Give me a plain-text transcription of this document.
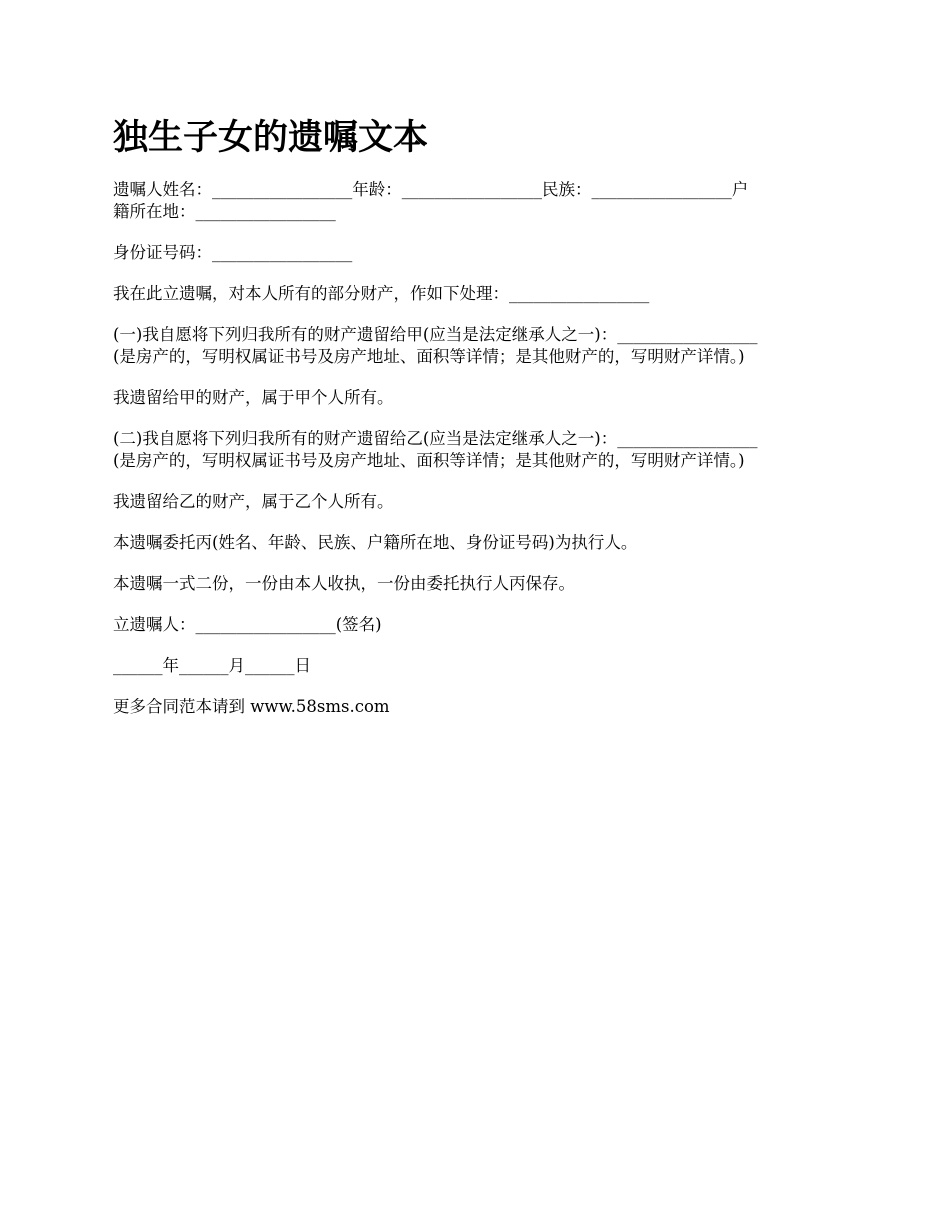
独生子女的遗嘱文本

遗嘱人姓名：_________________年龄：_________________民族：_________________户
籍所在地：_________________

身份证号码：_________________

我在此立遗嘱，对本人所有的部分财产，作如下处理：_________________

(一)我自愿将下列归我所有的财产遗留给甲(应当是法定继承人之一)：_________________
(是房产的，写明权属证书号及房产地址、面积等详情；是其他财产的，写明财产详情。)

我遗留给甲的财产，属于甲个人所有。

(二)我自愿将下列归我所有的财产遗留给乙(应当是法定继承人之一)：_________________
(是房产的，写明权属证书号及房产地址、面积等详情；是其他财产的，写明财产详情。)

我遗留给乙的财产，属于乙个人所有。

本遗嘱委托丙(姓名、年龄、民族、户籍所在地、身份证号码)为执行人。

本遗嘱一式二份，一份由本人收执，一份由委托执行人丙保存。

立遗嘱人：_________________(签名)

______年______月______日

更多合同范本请到 www.58sms.com
